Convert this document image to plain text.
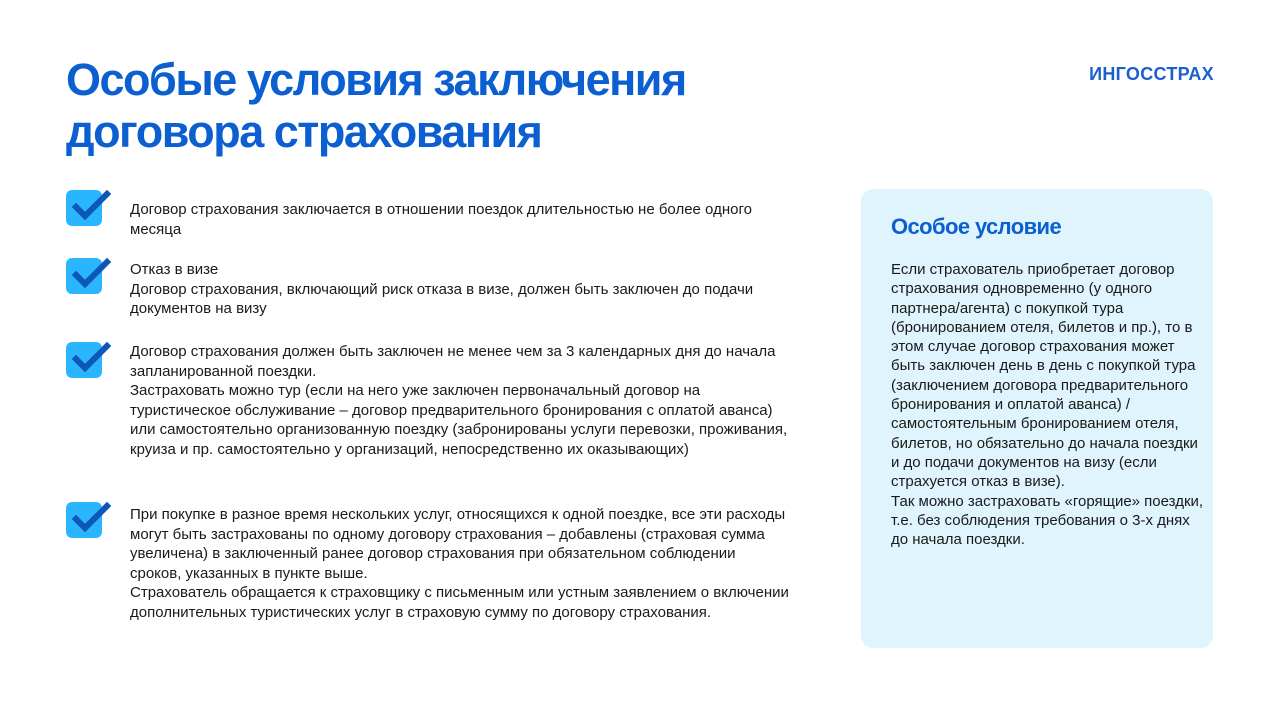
Особые условия заключения
договора страхования
ИНГОССТРАХ
Договор страхования заключается в отношении поездок длительностью не более одного месяца
Отказ в визе
Договор страхования, включающий риск отказа в визе, должен быть заключен до подачи документов на визу
Договор страхования должен быть заключен не менее чем за 3 календарных дня до начала запланированной поездки.
Застраховать можно тур (если на него уже заключен первоначальный договор на туристическое обслуживание – договор предварительного бронирования с оплатой аванса) или самостоятельно организованную поездку (забронированы услуги перевозки, проживания, круиза и пр. самостоятельно у организаций, непосредственно их оказывающих)
При покупке в разное время нескольких услуг, относящихся к одной поездке, все эти расходы могут быть застрахованы по одному договору страхования – добавлены (страховая сумма увеличена) в заключенный ранее договор страхования при обязательном соблюдении сроков, указанных в пункте выше.
Страхователь обращается к страховщику с письменным или устным заявлением о включении дополнительных туристических услуг в страховую сумму по договору страхования.
Особое условие
Если страхователь приобретает договор страхования одновременно (у одного партнера/агента) с покупкой тура (бронированием отеля, билетов и пр.), то в этом случае договор страхования может быть заключен день в день с покупкой тура (заключением договора предварительного бронирования и оплатой аванса) / самостоятельным бронированием отеля, билетов, но обязательно до начала поездки и до подачи документов на визу (если страхуется отказ в визе).
Так можно застраховать «горящие» поездки, т.е. без соблюдения требования о 3-х днях до начала поездки.
